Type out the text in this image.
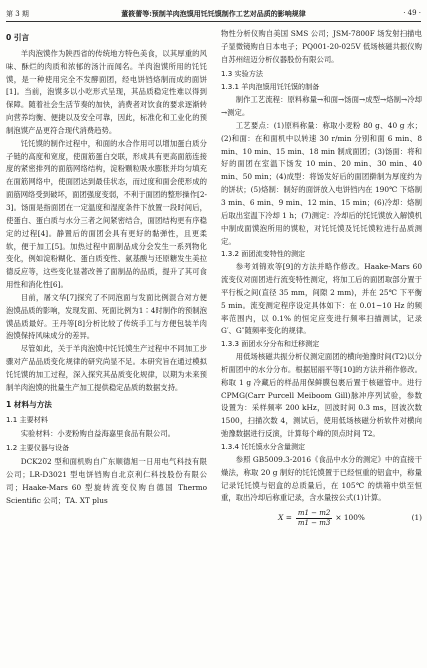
第 3 期	董筱蕾等:预制羊肉泡馍用饦饦馍制作工艺对品质的影响规律	· 49 ·
0 引言

羊肉泡馍作为陕西省的传统地方特色美食，以其厚重的风味、酥烂的肉质和浓郁的汤汁而闻名。羊肉泡馍所用的饦饦馍，是一种使用完全不发酵面团，经电饼铛烙制而成的面饼[1]。当前，泡馍多以小吃形式呈现，其品质稳定性难以得到保障。随着社会生活节奏的加快，消费者对饮食的要求逐渐转向营养均衡、便捷以及安全可靠，因此，标准化和工业化的预制泡馍产品更符合现代消费趋势。

饦饦馍的制作过程中，和面的水合作用可以增加蛋白质分子链的高度和宽度，使面筋蛋白交联，形成具有更高面筋连接度的紧密排列的面筋网络结构，淀粉颗粒吸水膨胀并均匀填充在面筋网络中，使面团达到最佳状态，而过度和面会使形成的面筋网络受到破坏，面团强度变弱，不利于面团的整形操作[2-3]。饧面是指面团在一定温度和湿度条件下放置一段时间后，使蛋白、蛋白质与水分三者之间紧密结合，面团结构更有序稳定的过程[4]。静置后的面团会具有更好的黏弹性，且更柔软，便于加工[5]。加热过程中面制品成分会发生一系列物化变化，例如淀粉糊化、蛋白质变性、氨基酸与还原糖发生美拉德反应等，这些变化显著改善了面制品的品质，提升了其可食用性和消化性[6]。

目前，屠文华[7]探究了不同泡面与发面比例混合对方便泡馍品质的影响，发现发面、死面比例为1∶4时制作的预制泡馍品质最好。王丹等[8]分析比较了传统手工与方便包装羊肉泡馍保持风味成分的差异。

尽管如此，关于羊肉泡馍中饦饦馍生产过程中不同加工步骤对产品品质变化规律的研究尚显不足。本研究旨在通过模拟饦饦馍的加工过程，深入探究其品质变化规律，以期为未来预制羊肉泡馍的批量生产加工提供稳定品质的数据支持。

1 材料与方法
1.1 主要材料

实验材料：小麦粉购自益海嘉里食品有限公司。

1.2 主要仪器与设备

DCK202 型和面机购自广东顺德旭一日用电气科技有限公司；LR-D3021 型电饼铛购自北京利仁科技股份有限公司；Haake-Mars 60 型旋转流变仪购自德国 Thermo Scientific 公司；TA. XT plus

物性分析仪购自美国 SMS 公司；JSM-7800F 场发射扫描电子显微镜购自日本电子；PQ001-20-025V 低场核磁共振仪购自苏州纽迈分析仪器股份有限公司。

1.3 实验方法
1.3.1 羊肉泡馍用饦饦馍的制备

制作工艺流程：原料称量→和面→饧面→成型→烙制→冷却→测定。

工艺要点：(1)原料称量：称取小麦粉 80 g、40 g 水；(2)和面：在和面机中以转速 30 r/min 分别和面 6 min、8 min、10 min、15 min、18 min 制成面团；(3)饧面：将和好的面团在室温下饧发 10 min、20 min、30 min、40 min、50 min；(4)成型：将饧发好后的面团擀制为厚度约为的饼状；(5)烙制：制好的面饼放入电饼铛内在 190℃ 下烙制 3 min、6 min、9 min、12 min、15 min；(6)冷却：烙制后取出室温下冷却 1 h；(7)测定：冷却后的饦饦馍放入解馍机中制成面馍泡所用的馍粒，对饦饦馍及饦饦馍粒进行品质测定。

1.3.2 面团流变特性的测定

参考刘锦欢等[9]的方法并略作修改。Haake-Mars 60 流变仪对面团进行流变特性测定，将加工后的面团取部分置于平行板之间(直径 35 mm，间隙 2 mm)，并在 25℃ 下平衡 5 min。流变测定程序设定具体如下：在 0.01~10 Hz 的频率范围内，以 0.1% 的恒定应变进行频率扫描测试，记录 G′、G″随频率变化的规律。

1.3.3 面团水分分布和迁移测定

用低场核磁共振分析仪测定面团的横向弛豫时间(T2)以分析面团中的水分分布。根据屈丽平等[10]的方法并稍作修改。称取 1 g 冷藏后的样品用保鲜膜包裹后置于核磁管中。进行 CPMG(Carr Purcell Meiboom Gill)脉冲序列试验，参数设置为：采样频率 200 kHz，回波时间 0.3 ms，回波次数 1500，扫描次数 4，测试后，使用低场核磁分析软件对横向弛豫数据进行反演，计算每个峰的顶点时间 T2。

1.3.4 饦饦馍水分含量测定

参照 GB5009.3-2016《食品中水分的测定》中的直接干燥法，称取 20 g 制好的饦饦馍置于已经恒重的铝盒中，称量记录饦饦馍与铝盒的总质量后，在 105℃ 的烘箱中烘至恒重，取出冷却后称重记录，含水量按公式(1)计算。

$X = \frac{m1 - m2}{m1 - m3} \times 100\%$	(1)
